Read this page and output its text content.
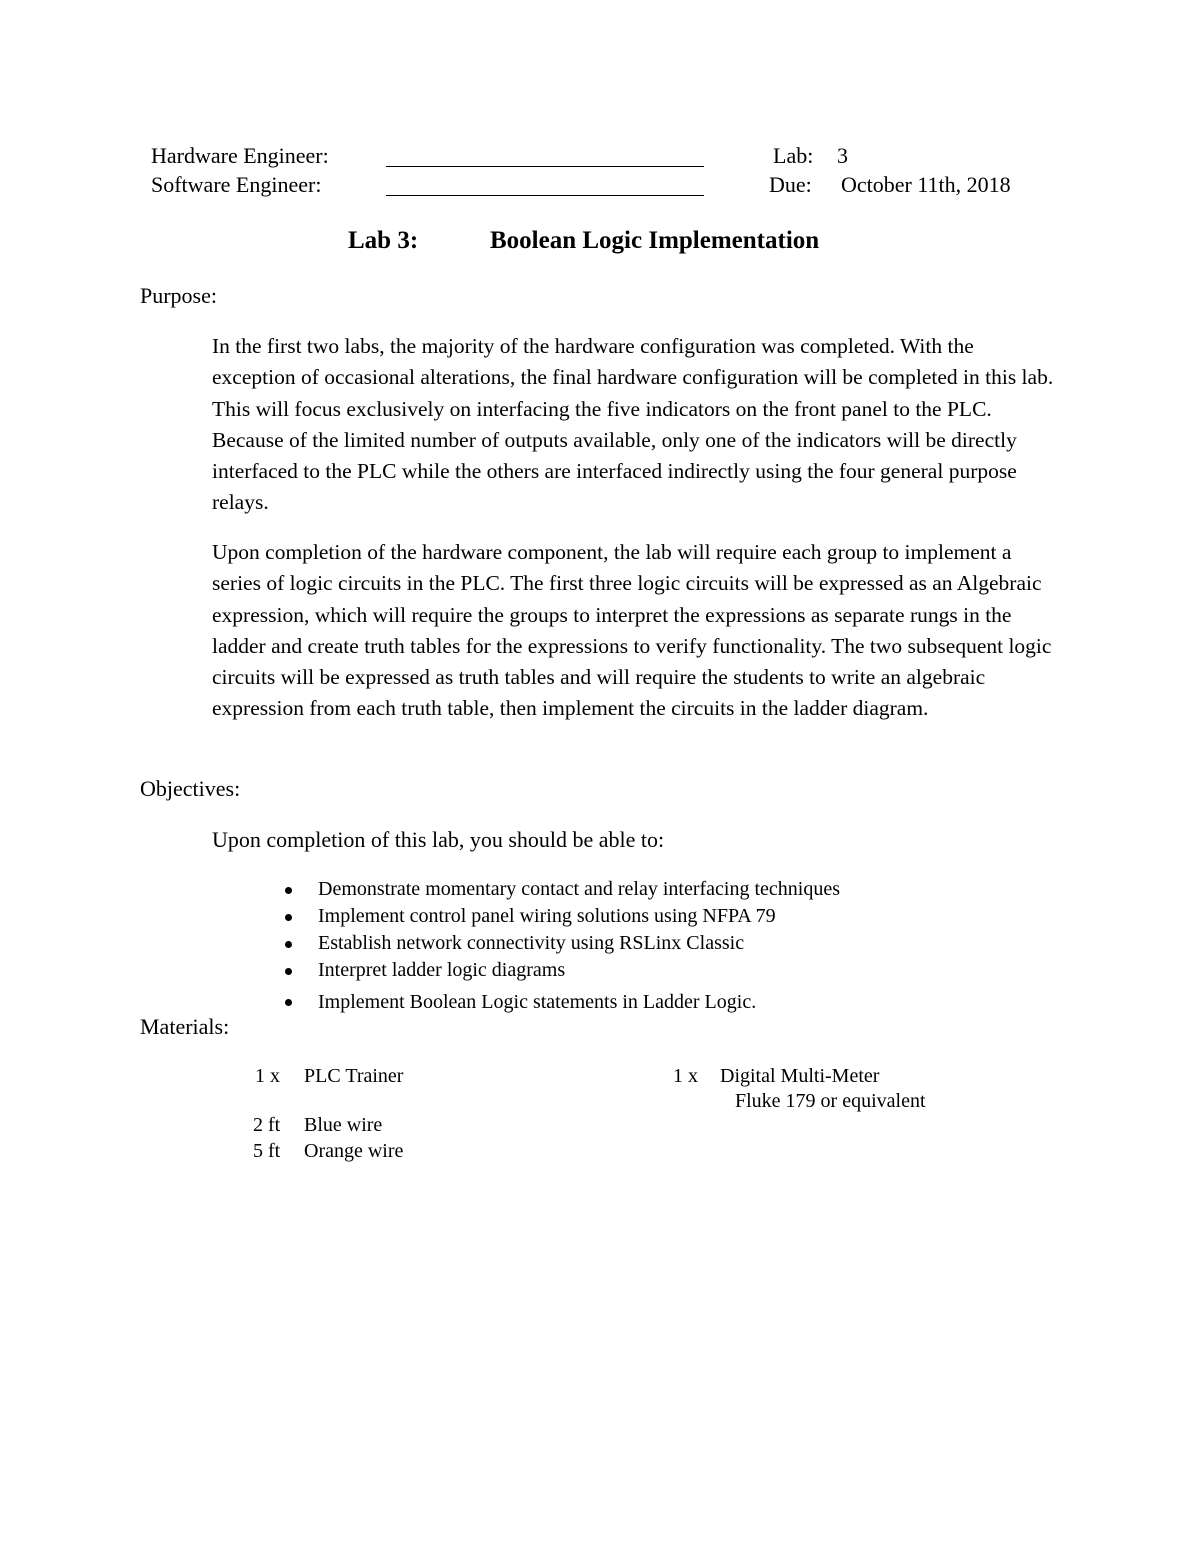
Hardware Engineer:
Software Engineer:
Lab: 3
Due: October 11th, 2018
Lab 3:	Boolean Logic Implementation
Purpose:

In the first two labs, the majority of the hardware configuration was completed. With the exception of occasional alterations, the final hardware configuration will be completed in this lab. This will focus exclusively on interfacing the five indicators on the front panel to the PLC. Because of the limited number of outputs available, only one of the indicators will be directly interfaced to the PLC while the others are interfaced indirectly using the four general purpose relays.

Upon completion of the hardware component, the lab will require each group to implement a series of logic circuits in the PLC. The first three logic circuits will be expressed as an Algebraic expression, which will require the groups to interpret the expressions as separate rungs in the ladder and create truth tables for the expressions to verify functionality. The two subsequent logic circuits will be expressed as truth tables and will require the students to write an algebraic expression from each truth table, then implement the circuits in the ladder diagram.

Objectives:
Upon completion of this lab, you should be able to:
Demonstrate momentary contact and relay interfacing techniques
Implement control panel wiring solutions using NFPA 79
Establish network connectivity using RSLinx Classic
Interpret ladder logic diagrams
Implement Boolean Logic statements in Ladder Logic.
Materials:
1 x PLC Trainer	1 x Digital Multi-Meter
Fluke 179 or equivalent
2 ft Blue wire
5 ft Orange wire
